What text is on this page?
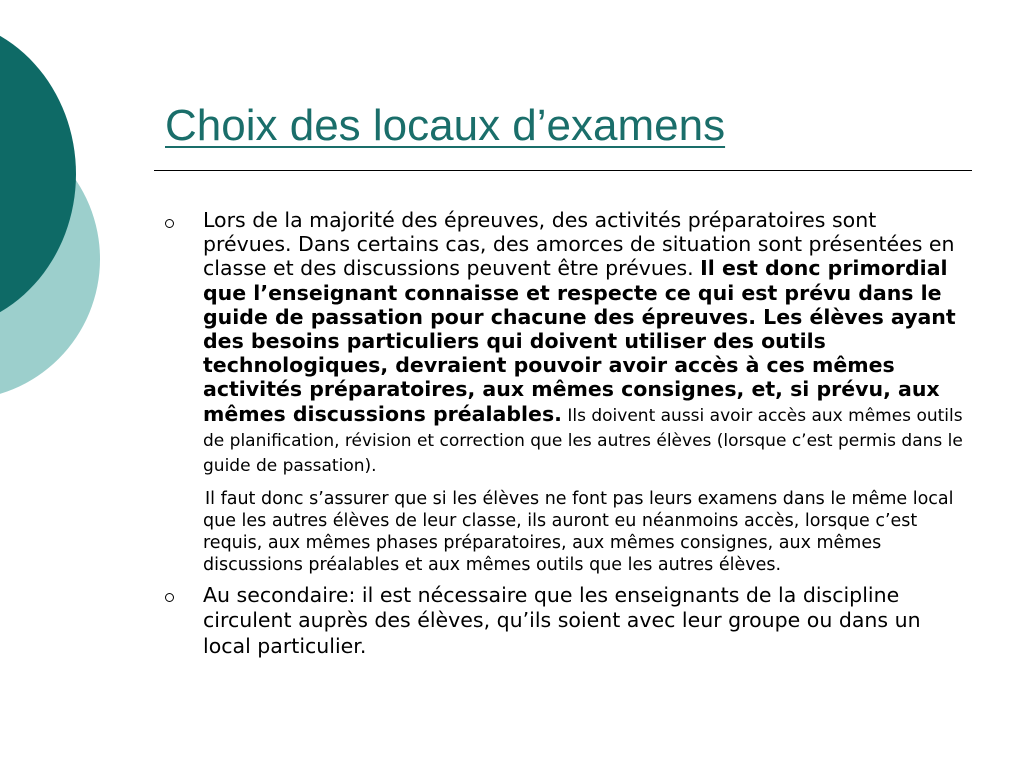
Choix des locaux d’examens
Lors de la majorité des épreuves, des activités préparatoires sont prévues. Dans certains cas, des amorces de situation sont présentées en classe et des discussions peuvent être prévues. Il est donc primordial que l’enseignant connaisse et respecte ce qui est prévu dans le guide de passation pour chacune des épreuves. Les élèves ayant des besoins particuliers qui doivent utiliser des outils technologiques, devraient pouvoir avoir accès à ces mêmes activités préparatoires, aux mêmes consignes, et, si prévu, aux mêmes discussions préalables. Ils doivent aussi avoir accès aux mêmes outils de planification, révision et correction que les autres élèves (lorsque c’est permis dans le guide de passation).
Il faut donc s’assurer que si les élèves ne font pas leurs examens dans le même local que les autres élèves de leur classe, ils auront eu néanmoins accès, lorsque c’est requis, aux mêmes phases préparatoires, aux mêmes consignes, aux mêmes discussions préalables et aux mêmes outils que les autres élèves.
Au secondaire: il est nécessaire que les enseignants de la discipline circulent auprès des élèves, qu’ils soient avec leur groupe ou dans un local particulier.
